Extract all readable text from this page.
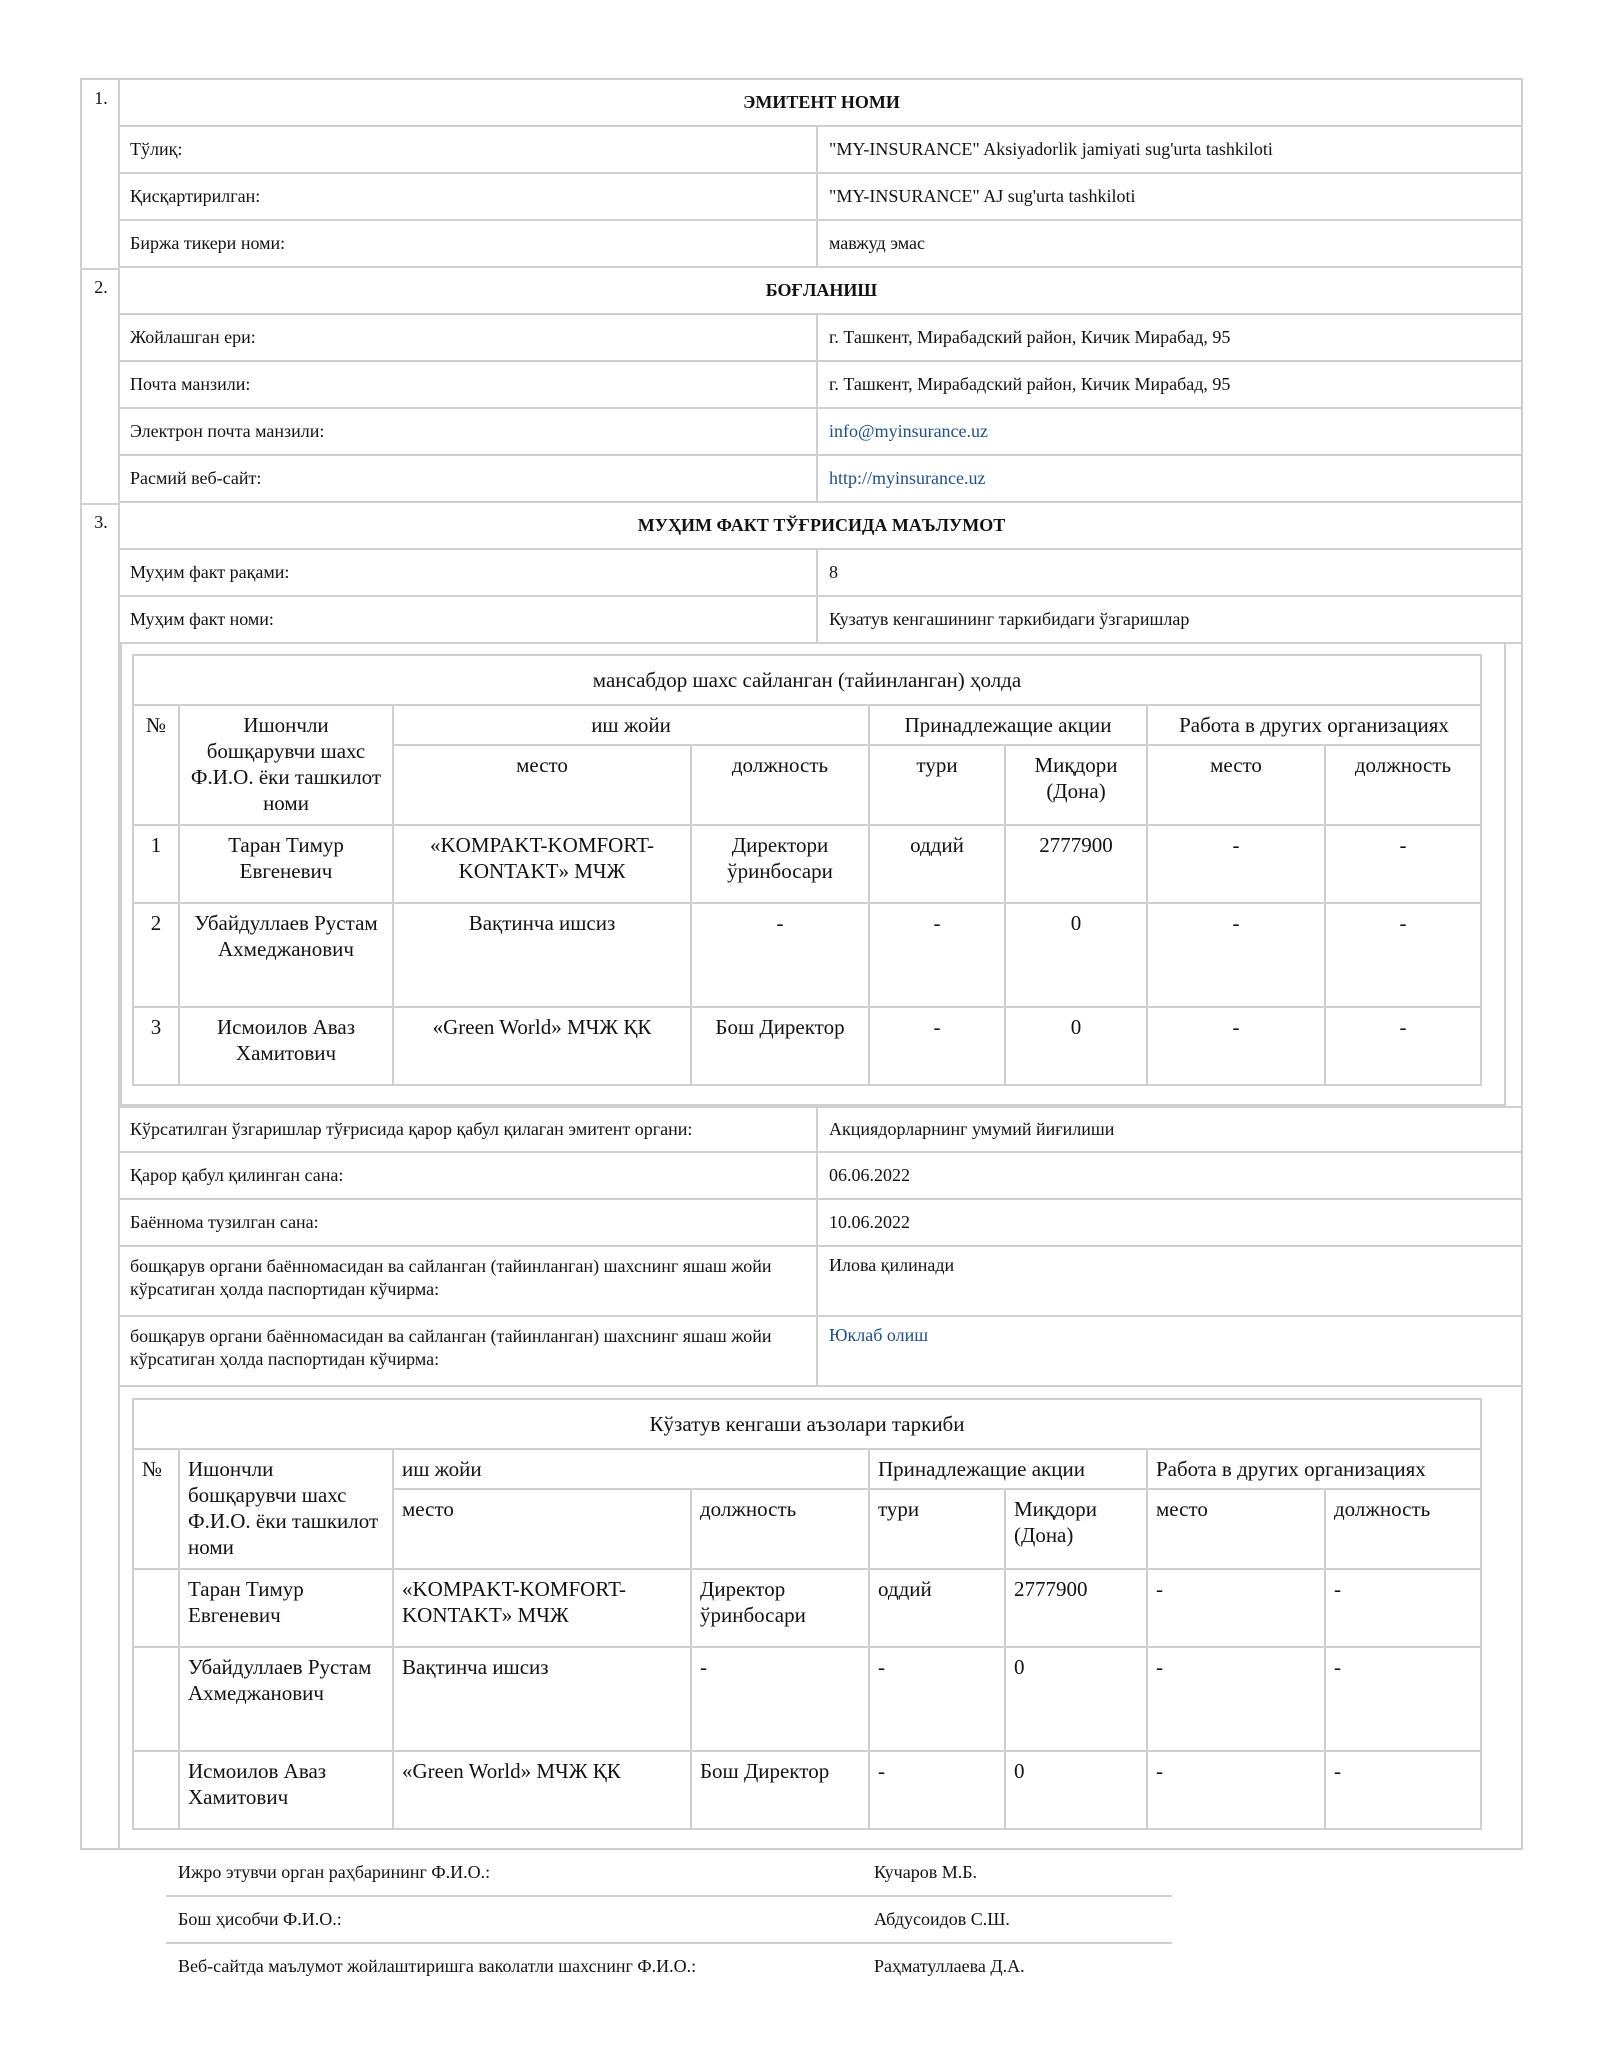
1.	ЭМИТЕНТ НОМИ
Тўлиқ:	"MY-INSURANCE" Aksiyadorlik jamiyati sug'urta tashkiloti
Қисқартирилган:	"MY-INSURANCE" AJ sug'urta tashkiloti
Биржа тикери номи:	мавжуд эмас
2.	БОҒЛАНИШ
Жойлашган ери:	г. Ташкент, Мирабадский район, Кичик Мирабад, 95
Почта манзили:	г. Ташкент, Мирабадский район, Кичик Мирабад, 95
Электрон почта манзили:	info@myinsurance.uz
Расмий веб-сайт:	http://myinsurance.uz
3.	МУҲИМ ФАКТ ТЎҒРИСИДА МАЪЛУМОТ
Муҳим факт рақами:	8
Муҳим факт номи:	Кузатув кенгашининг таркибидаги ўзгаришлар
мансабдор шахс сайланган (тайинланган) ҳолда							
№	Ишончли бошқарувчи шахс Ф.И.О. ёки ташкилот номи	иш жойи		Принадлежащие акции		Работа в других организациях	
		место	должность	тури	Миқдори (Дона)	место	должность
1	Таран Тимур Евгеневич	«KOMPAKT-KOMFORT-KONTAKT» МЧЖ	Директори ўринбосари	оддий	2777900	-	-
2	Убайдуллаев Рустам Ахмеджанович	Вақтинча ишсиз	-	-	0	-	-
3	Исмоилов Аваз Хамитович	«Green World» МЧЖ ҚК	Бош Директор	-	0	-	-
Кўрсатилган ўзгаришлар тўғрисида қарор қабул қилаган эмитент органи:	Акциядорларнинг умумий йиғилиши
Қарор қабул қилинган сана:	06.06.2022
Баённома тузилган сана:	10.06.2022
бошқарув органи баённомасидан ва сайланган (тайинланган) шахснинг яшаш жойи кўрсатиган ҳолда паспортидан кўчирма:
Илова қилинади
бошқарув органи баённомасидан ва сайланган (тайинланган) шахснинг яшаш жойи кўрсатиган ҳолда паспортидан кўчирма:
Юклаб олиш
Кўзатув кенгаши аъзолари таркиби							
№	Ишончли бошқарувчи шахс Ф.И.О. ёки ташкилот номи	иш жойи		Принадлежащие акции		Работа в других организациях	
		место	должность	тури	Миқдори (Дона)	место	должность
	Таран Тимур Евгеневич	«KOMPAKT-KOMFORT-KONTAKT» МЧЖ	Директор ўринбосари	оддий	2777900	-	-
	Убайдуллаев Рустам Ахмеджанович	Вақтинча ишсиз	-	-	0	-	-
	Исмоилов Аваз Хамитович	«Green World» МЧЖ ҚК	Бош Директор	-	0	-	-
Ижро этувчи орган раҳбарининг Ф.И.О.:	Кучаров М.Б.
Бош ҳисобчи Ф.И.О.:	Абдусоидов С.Ш.
Веб-сайтда маълумот жойлаштиришга ваколатли шахснинг Ф.И.О.:	Раҳматуллаева Д.А.
